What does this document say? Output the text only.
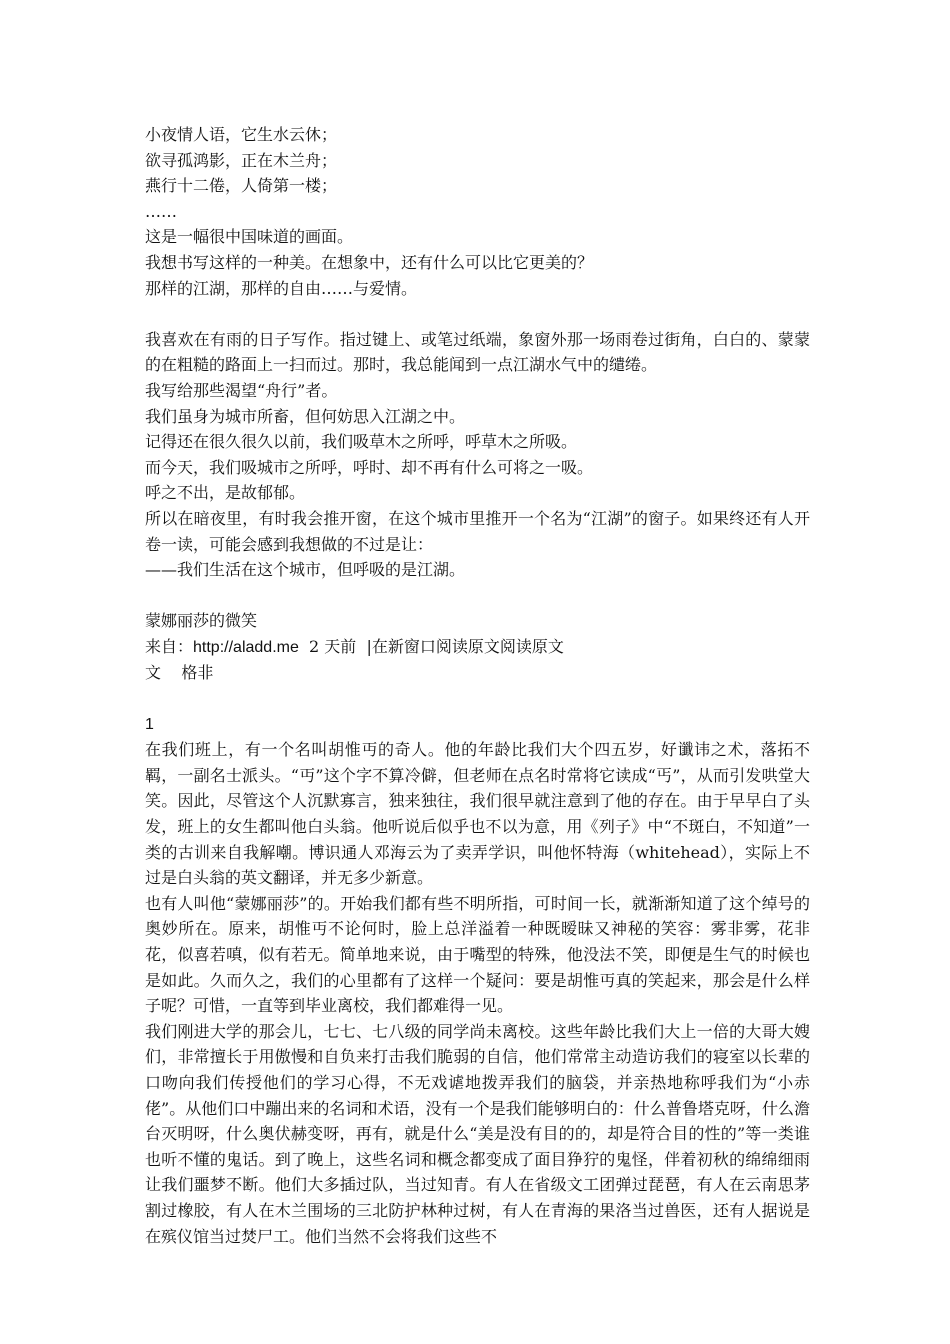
小夜情人语，它生水云休；
欲寻孤鸿影，正在木兰舟；
燕行十二倦，人倚第一楼；
……
这是一幅很中国味道的画面。
我想书写这样的一种美。在想象中，还有什么可以比它更美的？
那样的江湖，那样的自由……与爱情。
我喜欢在有雨的日子写作。指过键上、或笔过纸端，象窗外那一场雨卷过街角，白白的、蒙蒙的在粗糙的路面上一扫而过。那时，我总能闻到一点江湖水气中的缱绻。
我写给那些渴望“舟行”者。
我们虽身为城市所畜，但何妨思入江湖之中。
记得还在很久很久以前，我们吸草木之所呼，呼草木之所吸。
而今天，我们吸城市之所呼，呼时、却不再有什么可将之一吸。
呼之不出，是故郁郁。
所以在暗夜里，有时我会推开窗，在这个城市里推开一个名为“江湖”的窗子。如果终还有人开卷一读，可能会感到我想做的不过是让：
——我们生活在这个城市，但呼吸的是江湖。
蒙娜丽莎的微笑
来自：http://aladd.me 2 天前 |在新窗口阅读原文阅读原文
文    格非
1
在我们班上，有一个名叫胡惟丏的奇人。他的年龄比我们大个四五岁，好谶讳之术，落拓不羁，一副名士派头。“丏”这个字不算冷僻，但老师在点名时常将它读成“丐”，从而引发哄堂大笑。因此，尽管这个人沉默寡言，独来独往，我们很早就注意到了他的存在。由于早早白了头发，班上的女生都叫他白头翁。他听说后似乎也不以为意，用《列子》中“不斑白，不知道”一类的古训来自我解嘲。博识通人邓海云为了卖弄学识，叫他怀特海（whitehead），实际上不过是白头翁的英文翻译，并无多少新意。
也有人叫他“蒙娜丽莎”的。开始我们都有些不明所指，可时间一长，就渐渐知道了这个绰号的奥妙所在。原来，胡惟丏不论何时，脸上总洋溢着一种既暧昧又神秘的笑容：雾非雾，花非花，似喜若嗔，似有若无。简单地来说，由于嘴型的特殊，他没法不笑，即便是生气的时候也是如此。久而久之，我们的心里都有了这样一个疑问：要是胡惟丏真的笑起来，那会是什么样子呢？可惜，一直等到毕业离校，我们都难得一见。
我们刚进大学的那会儿，七七、七八级的同学尚未离校。这些年龄比我们大上一倍的大哥大嫂们，非常擅长于用傲慢和自负来打击我们脆弱的自信，他们常常主动造访我们的寝室以长辈的口吻向我们传授他们的学习心得，不无戏谑地拨弄我们的脑袋，并亲热地称呼我们为“小赤佬”。从他们口中蹦出来的名词和术语，没有一个是我们能够明白的：什么普鲁塔克呀，什么澹台灭明呀，什么奥伏赫变呀，再有，就是什么“美是没有目的的，却是符合目的性的”等一类谁也听不懂的鬼话。到了晚上，这些名词和概念都变成了面目狰狞的鬼怪，伴着初秋的绵绵细雨让我们噩梦不断。他们大多插过队，当过知青。有人在省级文工团弹过琵琶，有人在云南思茅割过橡胶，有人在木兰围场的三北防护林种过树，有人在青海的果洛当过兽医，还有人据说是在殡仪馆当过焚尸工。他们当然不会将我们这些不
